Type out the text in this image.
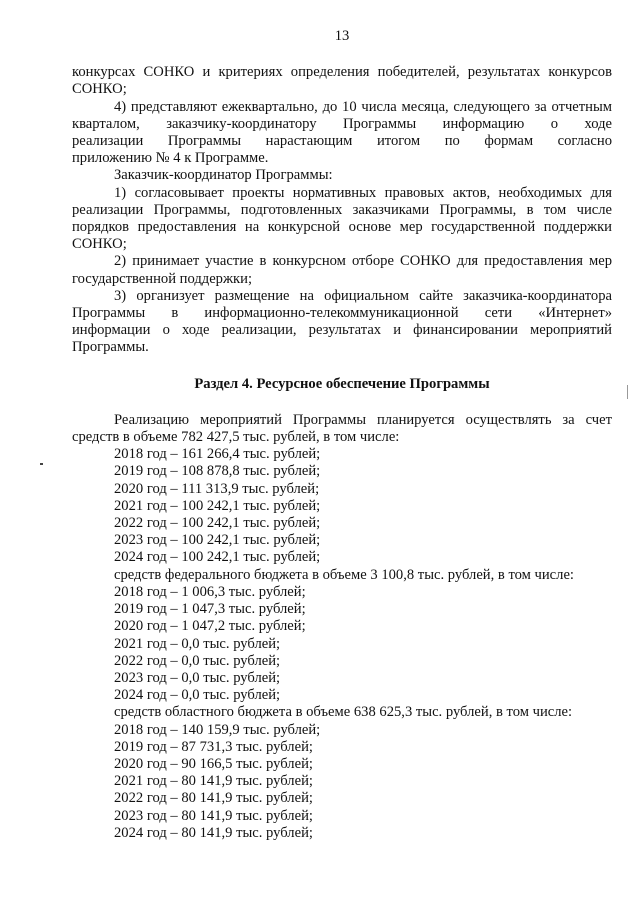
13

конкурсах СОНКО и критериях определения победителей, результатах конкурсов СОНКО;

4) представляют ежеквартально, до 10 числа месяца, следующего за отчетным кварталом, заказчику-координатору Программы информацию о ходе

реализации Программы нарастающим итогом по формам согласно

приложению № 4 к Программе.

Заказчик-координатор Программы:

1) согласовывает проекты нормативных правовых актов, необходимых для реализации Программы, подготовленных заказчиками Программы, в том числе порядков предоставления на конкурсной основе мер государственной поддержки СОНКО;

2) принимает участие в конкурсном отборе СОНКО для предоставления мер государственной поддержки;

3) организует размещение на официальном сайте заказчика-координатора

Программы в информационно-телекоммуникационной сети «Интернет»

информации о ходе реализации, результатах и финансировании мероприятий

Программы.

Раздел 4. Ресурсное обеспечение Программы

Реализацию мероприятий Программы планируется осуществлять за счет средств в объеме 782 427,5 тыс. рублей, в том числе:

2018 год – 161 266,4 тыс. рублей;

2019 год – 108 878,8 тыс. рублей;

2020 год – 111 313,9 тыс. рублей;

2021 год – 100 242,1 тыс. рублей;

2022 год – 100 242,1 тыс. рублей;

2023 год – 100 242,1 тыс. рублей;

2024 год – 100 242,1 тыс. рублей;

средств федерального бюджета в объеме 3 100,8 тыс. рублей, в том числе:

2018 год – 1 006,3 тыс. рублей;

2019 год – 1 047,3 тыс. рублей;

2020 год – 1 047,2 тыс. рублей;

2021 год – 0,0 тыс. рублей;

2022 год – 0,0 тыс. рублей;

2023 год – 0,0 тыс. рублей;

2024 год – 0,0 тыс. рублей;

средств областного бюджета в объеме 638 625,3 тыс. рублей, в том числе:

2018 год – 140 159,9 тыс. рублей;

2019 год – 87 731,3 тыс. рублей;

2020 год – 90 166,5 тыс. рублей;

2021 год – 80 141,9 тыс. рублей;

2022 год – 80 141,9 тыс. рублей;

2023 год – 80 141,9 тыс. рублей;

2024 год – 80 141,9 тыс. рублей;
